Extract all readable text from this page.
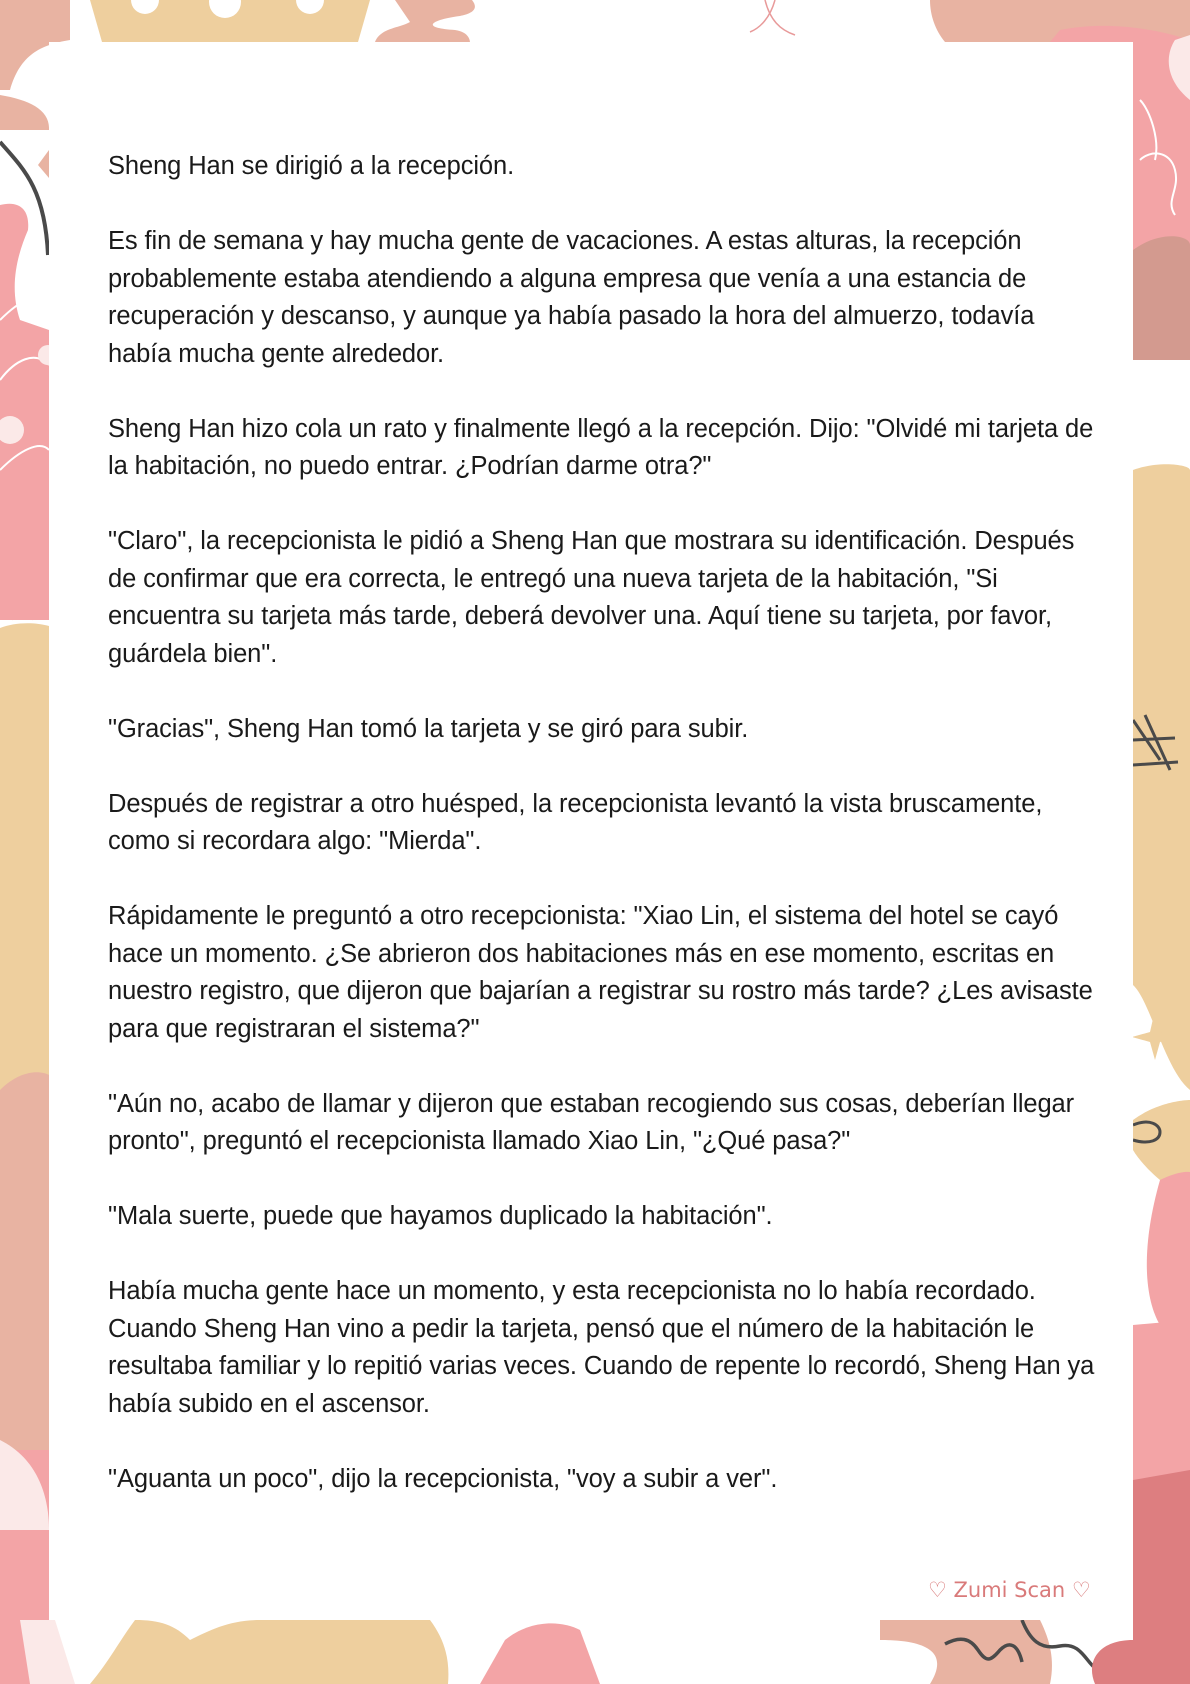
Sheng Han se dirigió a la recepción.

Es fin de semana y hay mucha gente de vacaciones. A estas alturas, la recepción probablemente estaba atendiendo a alguna empresa que venía a una estancia de recuperación y descanso, y aunque ya había pasado la hora del almuerzo, todavía había mucha gente alrededor.

Sheng Han hizo cola un rato y finalmente llegó a la recepción. Dijo: "Olvidé mi tarjeta de la habitación, no puedo entrar. ¿Podrían darme otra?"

"Claro", la recepcionista le pidió a Sheng Han que mostrara su identificación. Después de confirmar que era correcta, le entregó una nueva tarjeta de la habitación, "Si encuentra su tarjeta más tarde, deberá devolver una. Aquí tiene su tarjeta, por favor, guárdela bien".

"Gracias", Sheng Han tomó la tarjeta y se giró para subir.

Después de registrar a otro huésped, la recepcionista levantó la vista bruscamente, como si recordara algo: "Mierda".

Rápidamente le preguntó a otro recepcionista: "Xiao Lin, el sistema del hotel se cayó hace un momento. ¿Se abrieron dos habitaciones más en ese momento, escritas en nuestro registro, que dijeron que bajarían a registrar su rostro más tarde? ¿Les avisaste para que registraran el sistema?"

"Aún no, acabo de llamar y dijeron que estaban recogiendo sus cosas, deberían llegar pronto", preguntó el recepcionista llamado Xiao Lin, "¿Qué pasa?"

"Mala suerte, puede que hayamos duplicado la habitación".

Había mucha gente hace un momento, y esta recepcionista no lo había recordado. Cuando Sheng Han vino a pedir la tarjeta, pensó que el número de la habitación le resultaba familiar y lo repitió varias veces. Cuando de repente lo recordó, Sheng Han ya había subido en el ascensor.

"Aguanta un poco", dijo la recepcionista, "voy a subir a ver".

♡ Zumi Scan ♡
